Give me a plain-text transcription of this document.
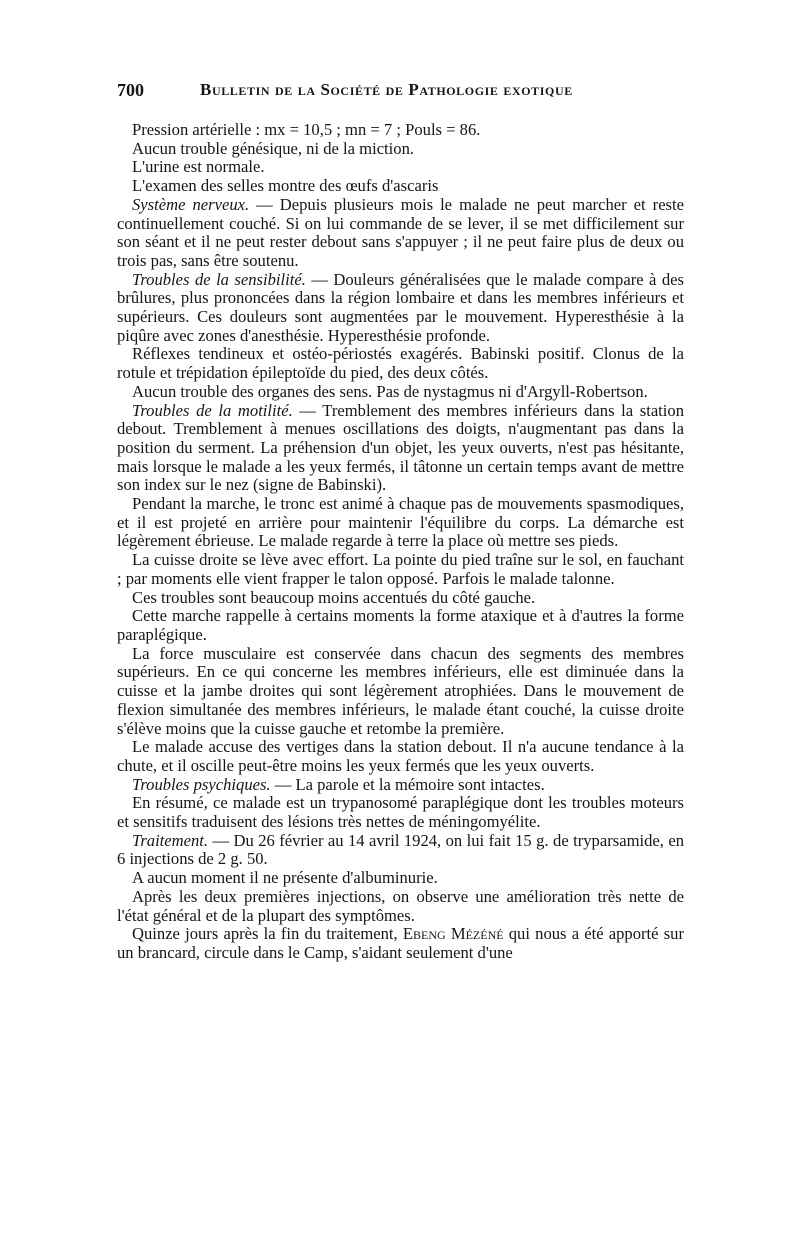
700	Bulletin de la Société de Pathologie exotique

Pression artérielle : mx = 10,5 ; mn = 7 ; Pouls = 86.

Aucun trouble génésique, ni de la miction.

L'urine est normale.

L'examen des selles montre des œufs d'ascaris

Système nerveux. — Depuis plusieurs mois le malade ne peut marcher et reste continuellement couché. Si on lui commande de se lever, il se met difficilement sur son séant et il ne peut rester debout sans s'appuyer ; il ne peut faire plus de deux ou trois pas, sans être soutenu.

Troubles de la sensibilité. — Douleurs généralisées que le malade compare à des brûlures, plus prononcées dans la région lombaire et dans les membres inférieurs et supérieurs. Ces douleurs sont augmentées par le mouvement. Hyperesthésie à la piqûre avec zones d'anesthésie. Hyperesthésie profonde.

Réflexes tendineux et ostéo-périostés exagérés. Babinski positif. Clonus de la rotule et trépidation épileptoïde du pied, des deux côtés.

Aucun trouble des organes des sens. Pas de nystagmus ni d'Argyll-Robertson.

Troubles de la motilité. — Tremblement des membres inférieurs dans la station debout. Tremblement à menues oscillations des doigts, n'augmentant pas dans la position du serment. La préhension d'un objet, les yeux ouverts, n'est pas hésitante, mais lorsque le malade a les yeux fermés, il tâtonne un certain temps avant de mettre son index sur le nez (signe de Babinski).

Pendant la marche, le tronc est animé à chaque pas de mouvements spasmodiques, et il est projeté en arrière pour maintenir l'équilibre du corps. La démarche est légèrement ébrieuse. Le malade regarde à terre la place où mettre ses pieds.

La cuisse droite se lève avec effort. La pointe du pied traîne sur le sol, en fauchant ; par moments elle vient frapper le talon opposé. Parfois le malade talonne.

Ces troubles sont beaucoup moins accentués du côté gauche.

Cette marche rappelle à certains moments la forme ataxique et à d'autres la forme paraplégique.

La force musculaire est conservée dans chacun des segments des membres supérieurs. En ce qui concerne les membres inférieurs, elle est diminuée dans la cuisse et la jambe droites qui sont légèrement atrophiées. Dans le mouvement de flexion simultanée des membres inférieurs, le malade étant couché, la cuisse droite s'élève moins que la cuisse gauche et retombe la première.

Le malade accuse des vertiges dans la station debout. Il n'a aucune tendance à la chute, et il oscille peut-être moins les yeux fermés que les yeux ouverts.

Troubles psychiques. — La parole et la mémoire sont intactes.

En résumé, ce malade est un trypanosomé paraplégique dont les troubles moteurs et sensitifs traduisent des lésions très nettes de méningomyélite.

Traitement. — Du 26 février au 14 avril 1924, on lui fait 15 g. de tryparsamide, en 6 injections de 2 g. 50.

A aucun moment il ne présente d'albuminurie.

Après les deux premières injections, on observe une amélioration très nette de l'état général et de la plupart des symptômes.

Quinze jours après la fin du traitement, Ebeng Mézéné qui nous a été apporté sur un brancard, circule dans le Camp, s'aidant seulement d'une
